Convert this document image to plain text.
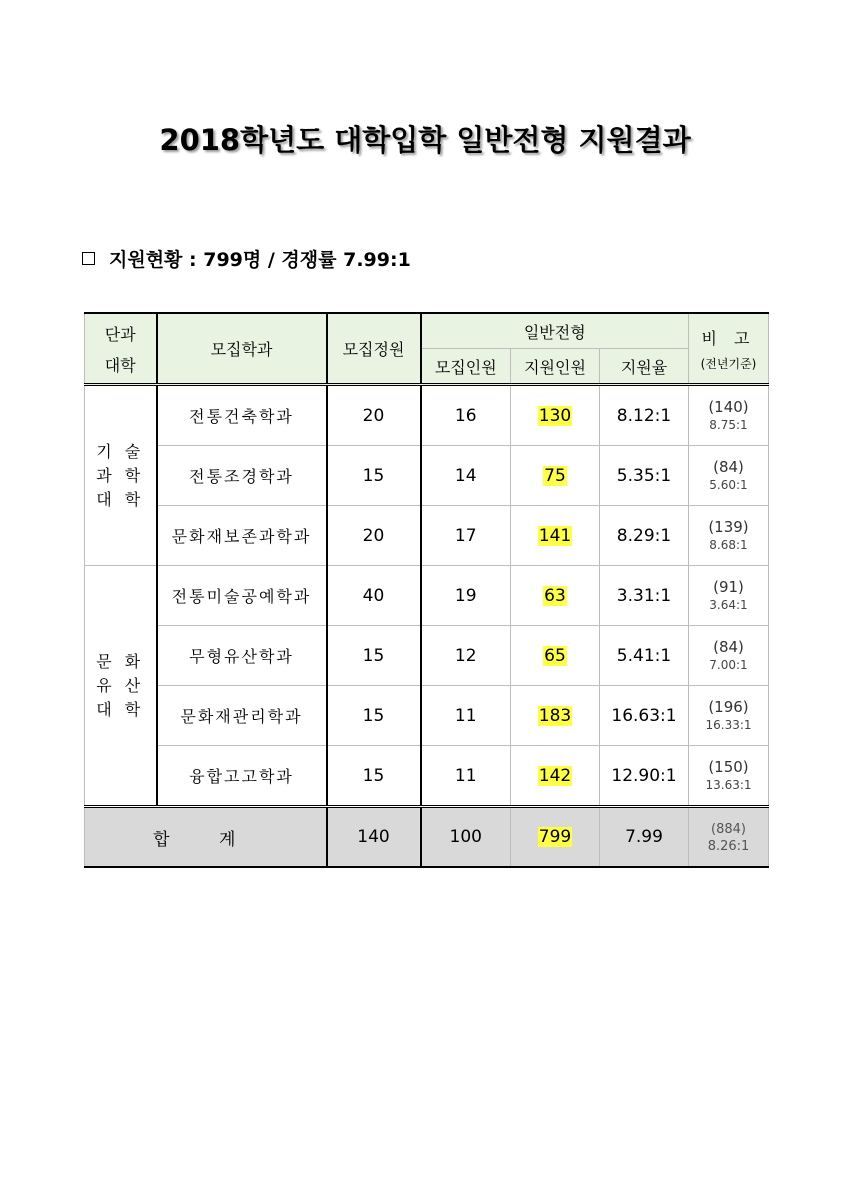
2018학년도 대학입학 일반전형 지원결과
지원현황 : 799명 / 경쟁률 7.99:1
단과
대학	모집학과	모집정원	일반전형			비 고
(전년기준)

			모집인원	지원인원	지원율	

기 술
과 학
대 학	전통건축학과	20	16	130	8.12:1	(140)
8.75:1

	전통조경학과	15	14	75	5.35:1	(84)
5.60:1

	문화재보존과학과	20	17	141	8.29:1	(139)
8.68:1

문 화
유 산
대 학	전통미술공예학과	40	19	63	3.31:1	(91)
3.64:1

	무형유산학과	15	12	65	5.41:1	(84)
7.00:1

	문화재관리학과	15	11	183	16.63:1	(196)
16.33:1

	융합고고학과	15	11	142	12.90:1	(150)
13.63:1

합 계		140	100	799	7.99	(884)
8.26:1
